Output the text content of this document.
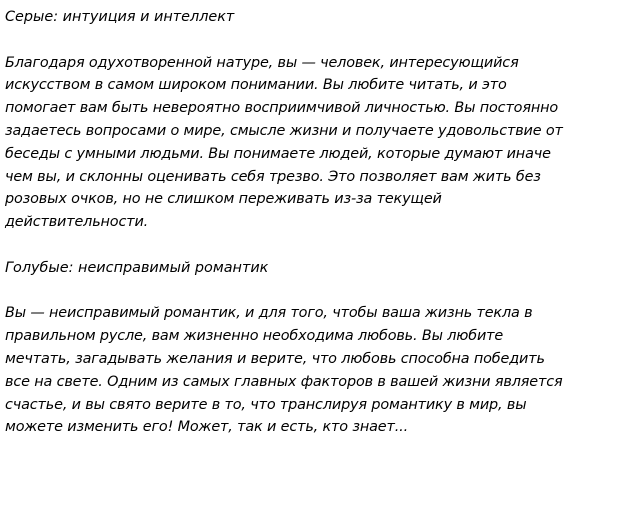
Серые: интуиция и интеллект
Благодаря одухотворенной натуре, вы — человек, интересующийся
искусством в самом широком понимании. Вы любите читать, и это
помогает вам быть невероятно восприимчивой личностью. Вы постоянно
задаетесь вопросами о мире, смысле жизни и получаете удовольствие от
беседы с умными людьми. Вы понимаете людей, которые думают иначе
чем вы, и склонны оценивать себя трезво. Это позволяет вам жить без
розовых очков, но не слишком переживать из-за текущей
действительности.
Голубые: неисправимый романтик
Вы — неисправимый романтик, и для того, чтобы ваша жизнь текла в
правильном русле, вам жизненно необходима любовь. Вы любите
мечтать, загадывать желания и верите, что любовь способна победить
все на свете. Одним из самых главных факторов в вашей жизни является
счастье, и вы свято верите в то, что транслируя романтику в мир, вы
можете изменить его! Может, так и есть, кто знает...
